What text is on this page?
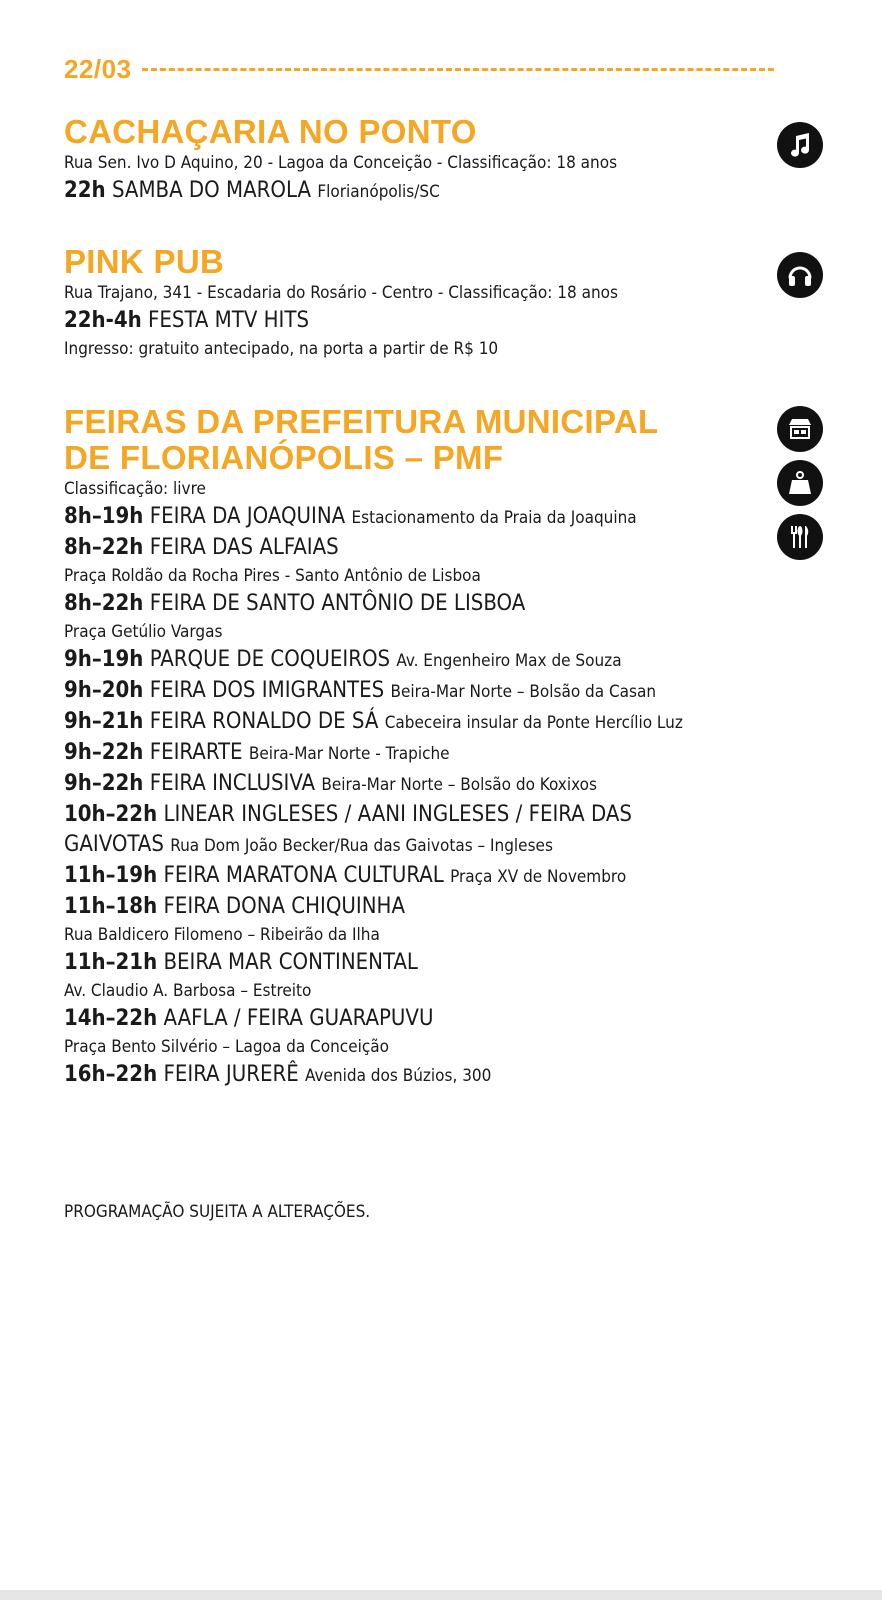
22/03
CACHAÇARIA NO PONTO
Rua Sen. Ivo D Aquino, 20 - Lagoa da Conceição - Classificação: 18 anos
22h SAMBA DO MAROLA Florianópolis/SC
PINK PUB
Rua Trajano, 341 - Escadaria do Rosário - Centro - Classificação: 18 anos
22h-4h FESTA MTV HITS
Ingresso: gratuito antecipado, na porta a partir de R$ 10
FEIRAS DA PREFEITURA MUNICIPAL
DE FLORIANÓPOLIS – PMF
Classificação: livre
8h–19h FEIRA DA JOAQUINA Estacionamento da Praia da Joaquina
8h–22h FEIRA DAS ALFAIAS
Praça Roldão da Rocha Pires - Santo Antônio de Lisboa
8h–22h FEIRA DE SANTO ANTÔNIO DE LISBOA
Praça Getúlio Vargas
9h–19h PARQUE DE COQUEIROS Av. Engenheiro Max de Souza
9h–20h FEIRA DOS IMIGRANTES Beira-Mar Norte – Bolsão da Casan
9h–21h FEIRA RONALDO DE SÁ Cabeceira insular da Ponte Hercílio Luz
9h–22h FEIRARTE Beira-Mar Norte - Trapiche
9h–22h FEIRA INCLUSIVA Beira-Mar Norte – Bolsão do Koxixos
10h–22h LINEAR INGLESES / AANI INGLESES / FEIRA DAS
GAIVOTAS Rua Dom João Becker/Rua das Gaivotas – Ingleses
11h–19h FEIRA MARATONA CULTURAL Praça XV de Novembro
11h–18h FEIRA DONA CHIQUINHA
Rua Baldicero Filomeno – Ribeirão da Ilha
11h–21h BEIRA MAR CONTINENTAL
Av. Claudio A. Barbosa – Estreito
14h–22h AAFLA / FEIRA GUARAPUVU
Praça Bento Silvério – Lagoa da Conceição
16h–22h FEIRA JURERÊ Avenida dos Búzios, 300
PROGRAMAÇÃO SUJEITA A ALTERAÇÕES.
